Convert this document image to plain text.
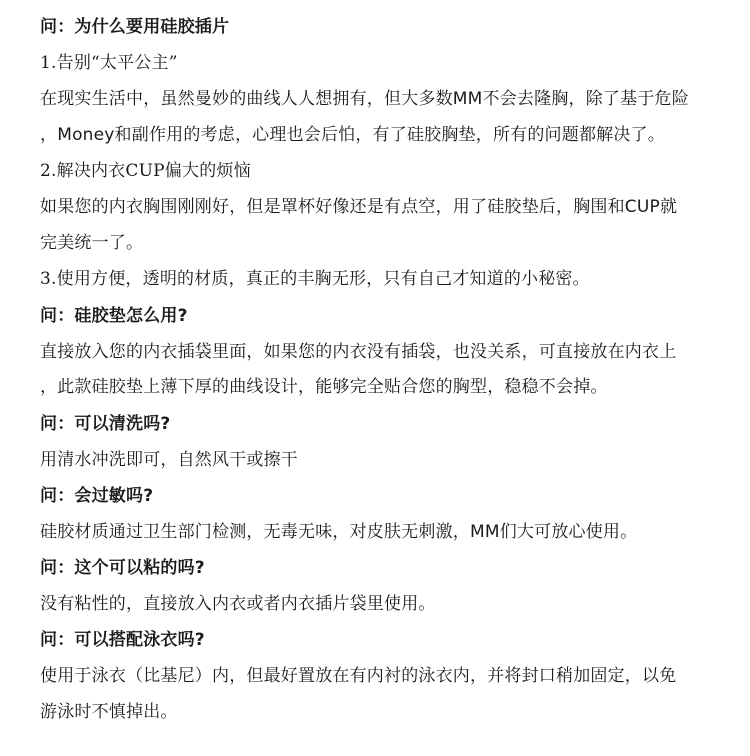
问：为什么要用硅胶插片
1.告别“太平公主”
在现实生活中，虽然曼妙的曲线人人想拥有，但大多数MM不会去隆胸，除了基于危险
，Money和副作用的考虑，心理也会后怕，有了硅胶胸垫，所有的问题都解决了。
2.解决内衣CUP偏大的烦恼
如果您的内衣胸围刚刚好，但是罩杯好像还是有点空，用了硅胶垫后，胸围和CUP就
完美统一了。
3.使用方便，透明的材质，真正的丰胸无形，只有自己才知道的小秘密。
问：硅胶垫怎么用?
直接放入您的内衣插袋里面，如果您的内衣没有插袋，也没关系，可直接放在内衣上
，此款硅胶垫上薄下厚的曲线设计，能够完全贴合您的胸型，稳稳不会掉。
问：可以清洗吗?
用清水冲洗即可，自然风干或擦干
问：会过敏吗?
硅胶材质通过卫生部门检测，无毒无味，对皮肤无刺激，MM们大可放心使用。
问：这个可以粘的吗?
没有粘性的，直接放入内衣或者内衣插片袋里使用。
问：可以搭配泳衣吗?
使用于泳衣（比基尼）内，但最好置放在有内衬的泳衣内，并将封口稍加固定，以免
游泳时不慎掉出。
